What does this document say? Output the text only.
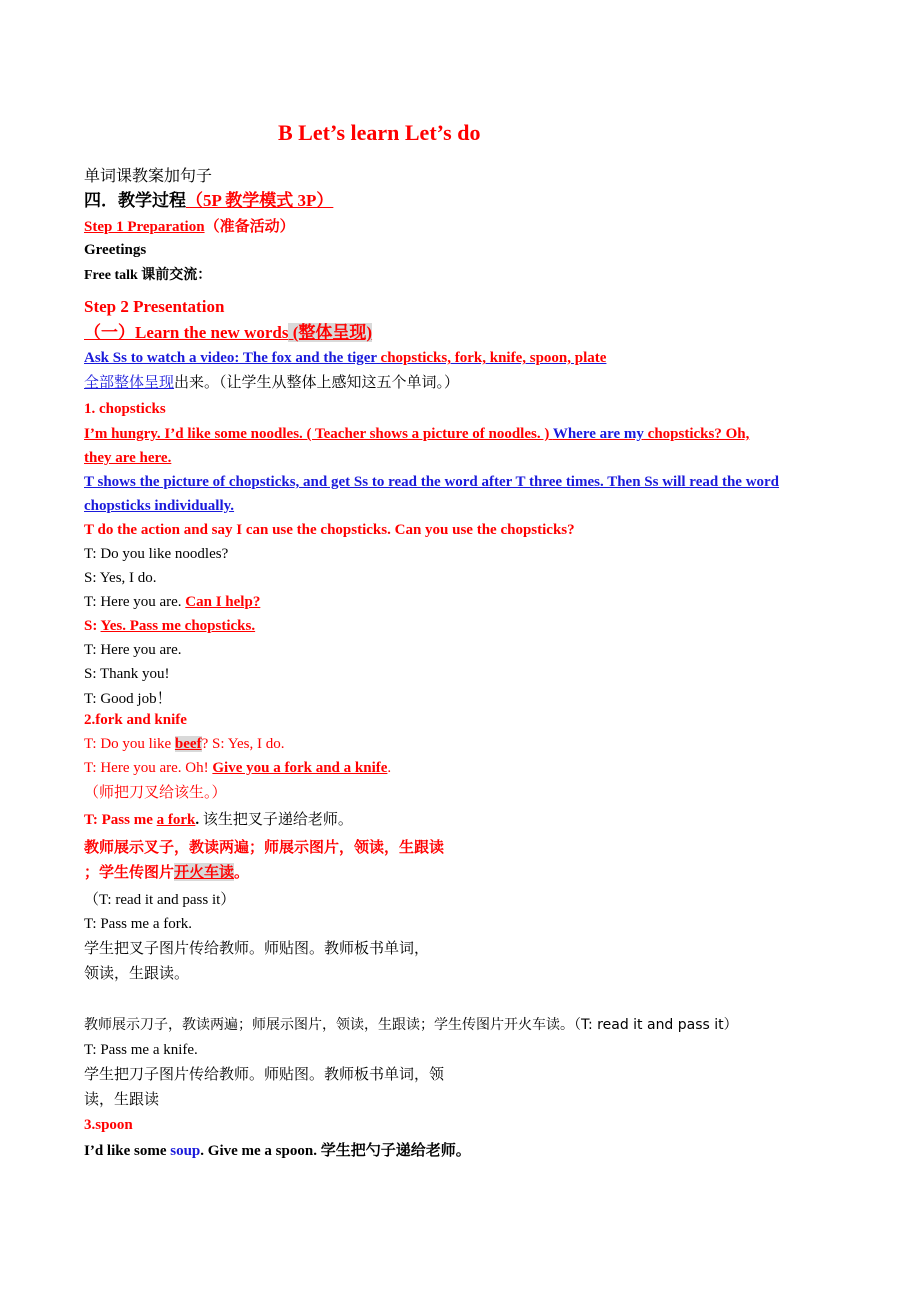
B Let’s learn Let’s do
单词课教案加句子
四．教学过程（5P 教学模式 3P）
Step 1 Preparation（准备活动）
Greetings
Free talk 课前交流：
Step 2 Presentation
（一）Learn the new words (整体呈现)
Ask Ss to watch a video: The fox and the tiger chopsticks, fork, knife, spoon, plate
全部整体呈现出来。（让学生从整体上感知这五个单词。）
1. chopsticks
I’m hungry. I’d like some noodles. ( Teacher shows a picture of noodles. ) Where are my chopsticks? Oh,
they are here.
T shows the picture of chopsticks, and get Ss to read the word after T three times. Then Ss will read the word
chopsticks individually.
T do the action and say I can use the chopsticks. Can you use the chopsticks?
T: Do you like noodles?
S: Yes, I do.
T: Here you are. Can I help?
S: Yes. Pass me chopsticks.
T: Here you are.
S: Thank you!
T: Good job！
2.fork and knife
T: Do you like beef? S: Yes, I do.
T: Here you are. Oh! Give you a fork and a knife.
（师把刀叉给该生。）
T: Pass me a fork. 该生把叉子递给老师。
教师展示叉子，教读两遍；师展示图片，领读，生跟读
；学生传图片开火车读。
（T: read it and pass it）
T: Pass me a fork.
学生把叉子图片传给教师。师贴图。教师板书单词，
领读，生跟读。
教师展示刀子，教读两遍；师展示图片，领读，生跟读；学生传图片开火车读。（T: read it and pass it）
T: Pass me a knife.
学生把刀子图片传给教师。师贴图。教师板书单词，领
读，生跟读
3.spoon
I’d like some soup. Give me a spoon. 学生把勺子递给老师。
